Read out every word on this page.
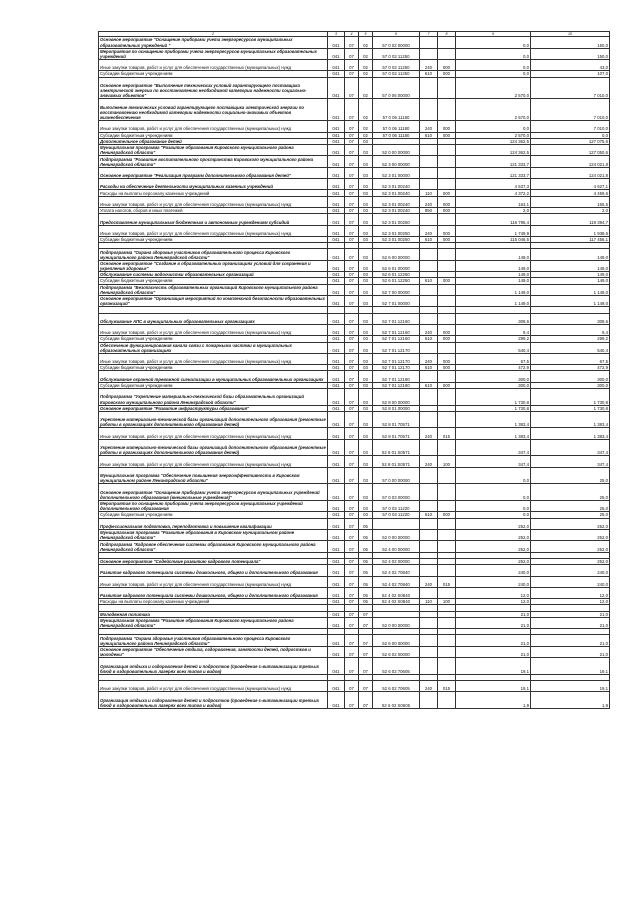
2	3	4	5	6	7	8	9	10
Основное мероприятие "Оснащение приборами учета энергоресурсов муниципальных образовательных учреждений "	041	07	02	57 0 02 00000			0,0	150,0
Мероприятия по оснащению приборами учета энергоресурсов муниципальных образовательных учреждений	041	07	02	57 0 02 11250			0,0	150,0
Иные закупки товаров, работ и услуг для обеспечения государственных (муниципальных) нужд	041	07	02	57 0 02 11250	240	000	0,0	43,0
Субсидии бюджетным учреждениям	041	07	02	57 0 02 11250	610	000	0,0	107,0
Основное мероприятие "Выполнение технических условий гарантирующего поставщика электрической энергии по восстановлению необходимой категории надежности социально-значимых объектов"	041	07	02	57 0 06 00000			2 570,0	7 010,0
Выполнение технических условий гарантирующего поставщика электрической энергии по восстановлению необходимой категории надежности социально-значимых объектов жизнеобеспечения	041	07	02	57 0 06 11180			2 570,0	7 010,0
Иные закупки товаров, работ и услуг для обеспечения государственных (муниципальных) нужд	041	07	02	57 0 06 11180	240	000	0,0	7 010,0
Субсидии бюджетным учреждениям	041	07	02	57 0 06 11180	610	000	2 570,0	0,0
Дополнительное образование детей	041	07	03				124 362,5	127 075,6
Муниципальная программа "Развитие образования Кировского муниципального района Ленинградской области"	041	07	03	52 0 00 00000			124 362,5	127 050,6
Подпрограмма "Развитие воспитательного пространства Кировского муниципального района Ленинградской области"	041	07	03	52 3 00 00000			121 333,7	124 021,8
Основное мероприятие "Реализация программ дополнительного образования детей"	041	07	03	52 3 01 00000			121 333,7	124 021,8
Расходы на обеспечение деятельности муниципальных казенных учреждений	041	07	03	52 3 01 00240			4 537,3	4 627,1
Расходы на выплаты персоналу казенных учреждений	041	07	03	52 3 01 00240	110	000	4 372,2	4 459,6
Иные закупки товаров, работ и услуг для обеспечения государственных (муниципальных) нужд	041	07	03	52 3 01 00240	240	000	163,1	165,5
Уплата налогов, сборов и иных платежей	041	07	03	52 3 01 00240	850	000	2,0	2,0
Предоставление муниципальным бюджетным и автономным учреждениям субсидий	041	07	03	52 3 01 00250			116 796,4	119 394,7
Иные закупки товаров, работ и услуг для обеспечения государственных (муниципальных) нужд	041	07	03	52 3 01 00250	240	000	1 749,9	1 938,6
Субсидии бюджетным учреждениям	041	07	03	52 3 01 00250	610	000	115 046,5	117 456,1

Подпрограмма "Охрана здоровья участников образовательного процесса Кировского муниципального района Ленинградской области"	041	07	03	52 6 00 00000			149,0	149,0
Основное мероприятие "Создание в образовательных организациях условий для сохранения и укрепления здоровья"	041	07	03	52 6 01 00000			149,0	149,0
Обслуживание системы водоочистки образовательных организаций	041	07	03	52 6 01 12250			149,0	149,0
Субсидии бюджетным учреждениям	041	07	03	52 6 01 12250	610	000	149,0	149,0
Подпрограмма "Безопасность образовательных организаций Кировского муниципального района Ленинградской области"	041	07	03	52 7 00 00000			1 149,0	1 149,0
Основное мероприятие "Организация мероприятий по комплексной безопасности образовательных организаций"	041	07	03	52 7 01 00000			1 149,0	1 149,0

Обслуживание АПС в муниципальных образовательных организациях	041	07	03	52 7 01 12160			308,6	308,6
Иные закупки товаров, работ и услуг для обеспечения государственных (муниципальных) нужд	041	07	03	52 7 01 12160	240	000	9,4	9,4
Субсидии бюджетным учреждениям	041	07	03	52 7 01 12160	610	000	299,2	299,2
Обеспечение функционирования канала связи с пожарными частями в муниципальных образовательных организациях	041	07	03	52 7 01 12170			540,4	540,4
Иные закупки товаров, работ и услуг для обеспечения государственных (муниципальных) нужд	041	07	03	52 7 01 12170	240	000	67,5	67,5
Субсидии бюджетным учреждениям	041	07	03	52 7 01 12170	610	000	472,9	472,9
Обслуживание охранной тревожной сигнализации в муниципальных образовательных организациях	041	07	03	52 7 01 12180			300,0	300,0
Субсидии бюджетным учреждениям	041	07	03	52 7 01 12180	610	000	300,0	300,0
Подпрограмма "Укрепление материально-технической базы образовательных организаций Кировского муниципального района Ленинградской области"	041	07	03	52 8 00 00000			1 730,8	1 730,8
Основное мероприятие "Развитие инфраструктуры образования"	041	07	03	52 8 01 00000			1 730,8	1 730,8
Укрепление материально-технической базы организаций дополнительного образования (ремонтные работы в организациях дополнительного образования детей)	041	07	03	52 8 01 70571			1 383,4	1 383,4
Иные закупки товаров, работ и услуг для обеспечения государственных (муниципальных) нужд	041	07	03	52 8 01 70571	240	015	1 383,4	1 383,4
Укрепление материально-технической базы организаций дополнительного образования (ремонтные работы в организациях дополнительного образования детей)	041	07	03	52 8 01 S0571			347,4	347,4
Иные закупки товаров, работ и услуг для обеспечения государственных (муниципальных) нужд	041	07	03	52 8 01 S0571	240	100	347,4	347,4
Муниципальная программа "Обеспечение повышения энергоэффективности в Кировском муниципальном районе Ленинградской области"	041	07	03	57 0 00 00000			0,0	25,0
Основное мероприятие "Оснащение приборами учета энергоресурсов муниципальных учреждений дополнительного образования (внешкольные учреждения)"	041	07	03	57 0 03 00000			0,0	25,0
Мероприятия по оснащению приборами учета энергоресурсов муниципальных учреждений дополнительного образования	041	07	03	57 0 03 11220			0,0	25,0
Субсидии бюджетным учреждениям	041	07	03	57 0 03 11220	610	000	0,0	25,0
Профессиональная подготовка, переподготовка и повышение квалификации	041	07	05				252,0	252,0
Муниципальная программа "Развитие образования в Кировском муниципальном районе Ленинградской области"	041	07	05	52 0 00 00000			252,0	252,0
Подпрограмма "Кадровое обеспечение системы образования Кировского муниципального района Ленинградской области"	041	07	05	52 4 00 00000			252,0	252,0

Основное мероприятие "Содействие развитию кадрового потенциала"	041	07	05	52 4 02 00000			252,0	252,0
Развитие кадрового потенциала системы дошкольного, общего и дополнительного образования	041	07	05	52 4 02 70840			240,0	240,0
Иные закупки товаров, работ и услуг для обеспечения государственных (муниципальных) нужд	041	07	05	52 4 02 70840	240	015	240,0	240,0
Развитие кадрового потенциала системы дошкольного, общего и дополнительного образования	041	07	05	52 4 02 S0840			12,0	12,0
Расходы на выплаты персоналу казенных учреждений	041	07	05	52 4 02 S0840	110	100	12,0	12,0

Молодежная политика	041	07	07				21,0	21,0
Муниципальная программа "Развитие образования Кировского муниципального района Ленинградской области"	041	07	07	52 0 00 00000			21,0	21,0

Подпрограмма "Охрана здоровья участников образовательного процесса Кировского муниципального района Ленинградской области"	041	07	07	52 6 00 00000			21,0	21,0
Основное мероприятие "Обеспечение отдыха, оздоровления, занятости детей, подростков и молодежи"	041	07	07	52 6 02 00000			21,0	21,0
Организация отдыха и оздоровления детей и подростков (проведение с-витаминизации третьих блюд в оздоровительных лагерях всех типов и видов)	041	07	07	52 6 02 70605			19,1	19,1

Иные закупки товаров, работ и услуг для обеспечения государственных (муниципальных) нужд	041	07	07	52 6 02 70605	240	015	19,1	19,1
Организация отдыха и оздоровления детей и подростков (проведение с-витаминизации третьих блюд в оздоровительных лагерях всех типов и видов)	041	07	07	52 6 02 S0605			1,9	1,9
